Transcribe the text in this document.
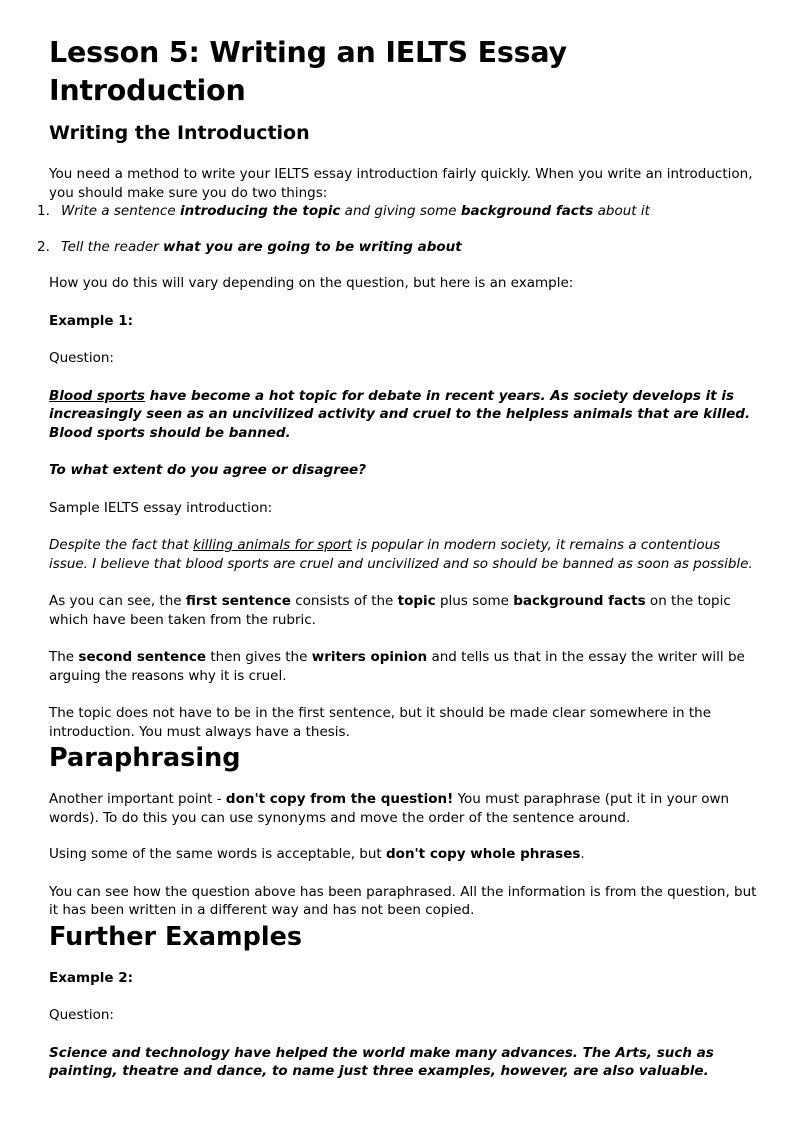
Lesson 5: Writing an IELTS Essay Introduction
Writing the Introduction

You need a method to write your IELTS essay introduction fairly quickly. When you write an introduction, you should make sure you do two things:

1. Write a sentence introducing the topic and giving some background facts about it
2. Tell the reader what you are going to be writing about

How you do this will vary depending on the question, but here is an example:

Example 1:

Question:

Blood sports have become a hot topic for debate in recent years. As society develops it is increasingly seen as an uncivilized activity and cruel to the helpless animals that are killed. Blood sports should be banned.

To what extent do you agree or disagree?

Sample IELTS essay introduction:

Despite the fact that killing animals for sport is popular in modern society, it remains a contentious issue. I believe that blood sports are cruel and uncivilized and so should be banned as soon as possible.

As you can see, the first sentence consists of the topic plus some background facts on the topic which have been taken from the rubric.

The second sentence then gives the writers opinion and tells us that in the essay the writer will be arguing the reasons why it is cruel.

The topic does not have to be in the first sentence, but it should be made clear somewhere in the introduction. You must always have a thesis.

Paraphrasing

Another important point - don't copy from the question! You must paraphrase (put it in your own words). To do this you can use synonyms and move the order of the sentence around.

Using some of the same words is acceptable, but don't copy whole phrases.

You can see how the question above has been paraphrased. All the information is from the question, but it has been written in a different way and has not been copied.

Further Examples

Example 2:

Question:

Science and technology have helped the world make many advances. The Arts, such as painting, theatre and dance, to name just three examples, however, are also valuable.
